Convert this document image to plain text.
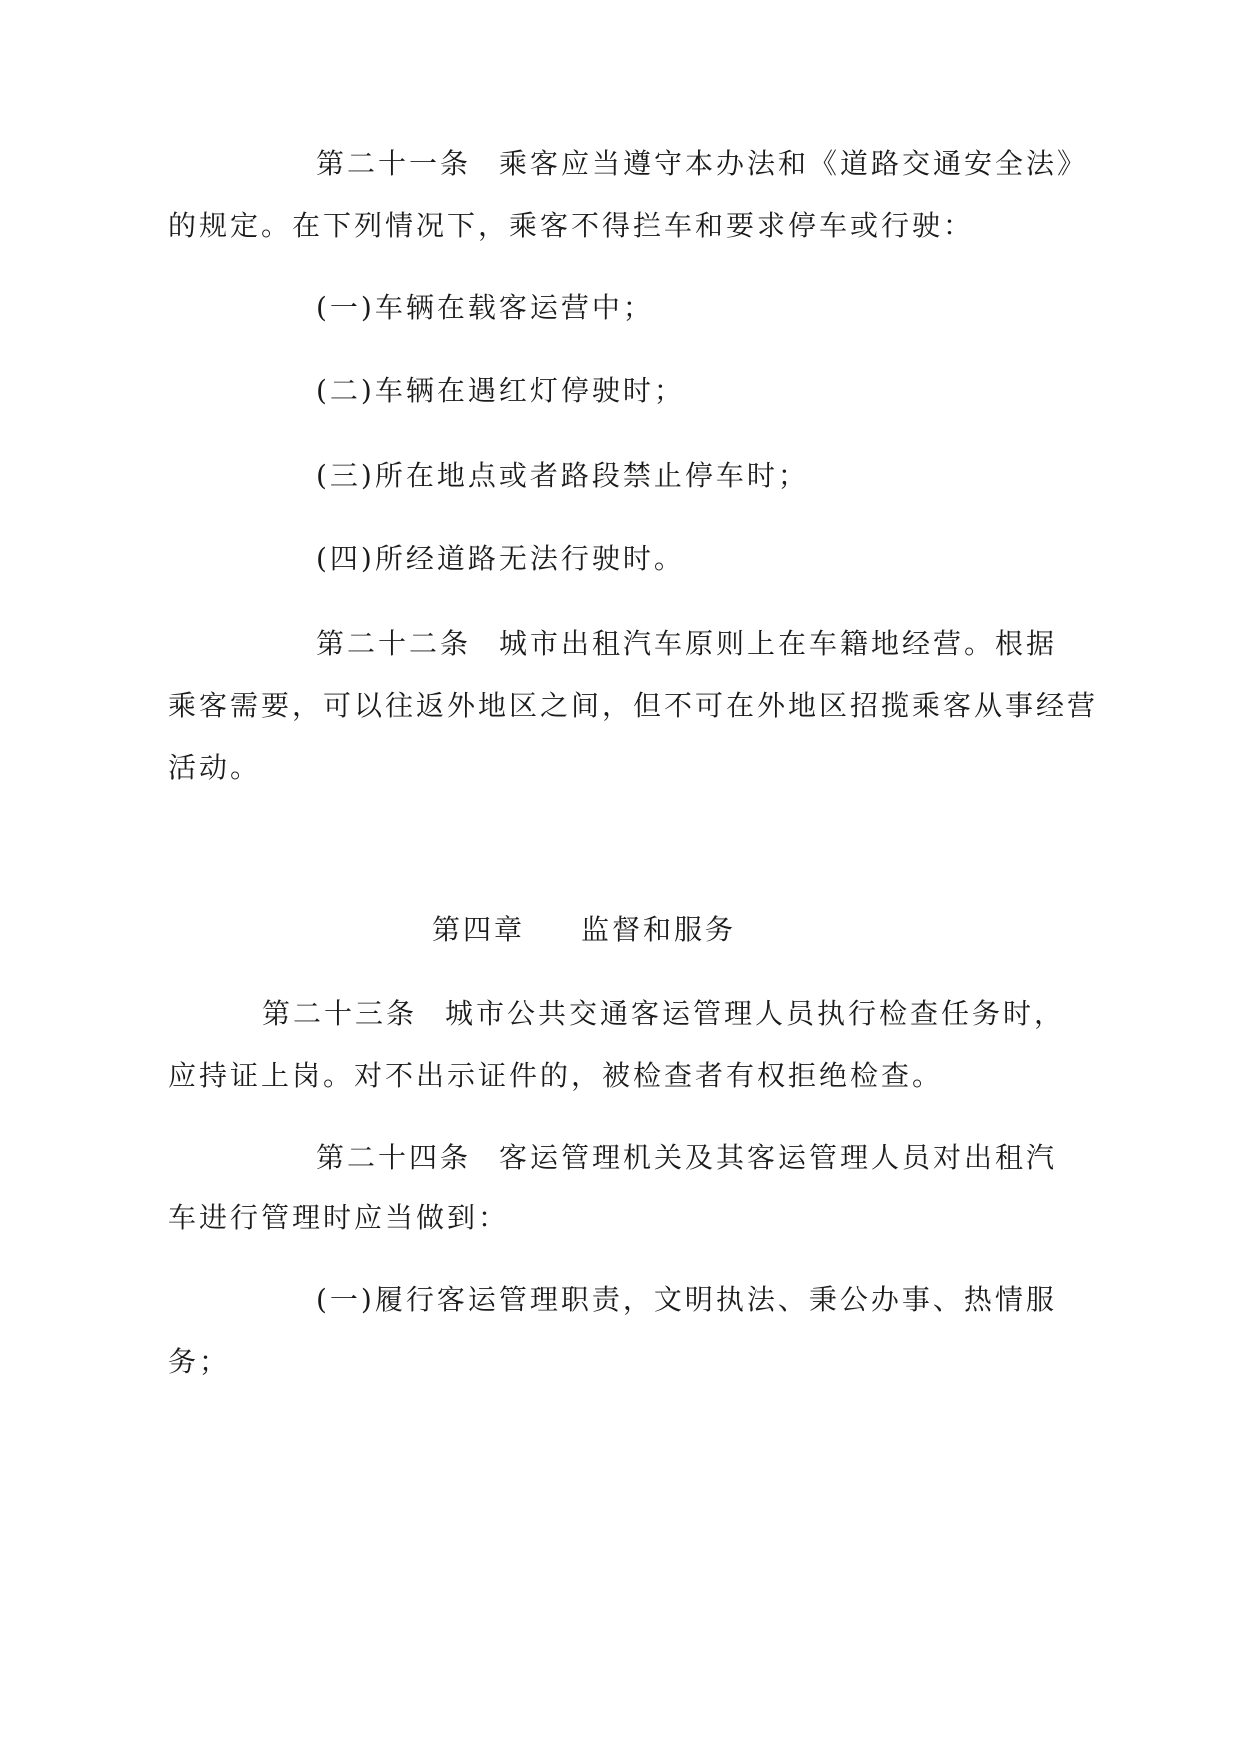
第二十一条 乘客应当遵守本办法和《道路交通安全法》
的规定。在下列情况下，乘客不得拦车和要求停车或行驶：
(一)车辆在载客运营中；
(二)车辆在遇红灯停驶时；
(三)所在地点或者路段禁止停车时；
(四)所经道路无法行驶时。
第二十二条 城市出租汽车原则上在车籍地经营。根据
乘客需要，可以往返外地区之间，但不可在外地区招揽乘客从事经营
活动。
第四章 监督和服务
第二十三条 城市公共交通客运管理人员执行检查任务时，
应持证上岗。对不出示证件的，被检查者有权拒绝检查。
第二十四条 客运管理机关及其客运管理人员对出租汽
车进行管理时应当做到：
(一)履行客运管理职责，文明执法、秉公办事、热情服
务；
